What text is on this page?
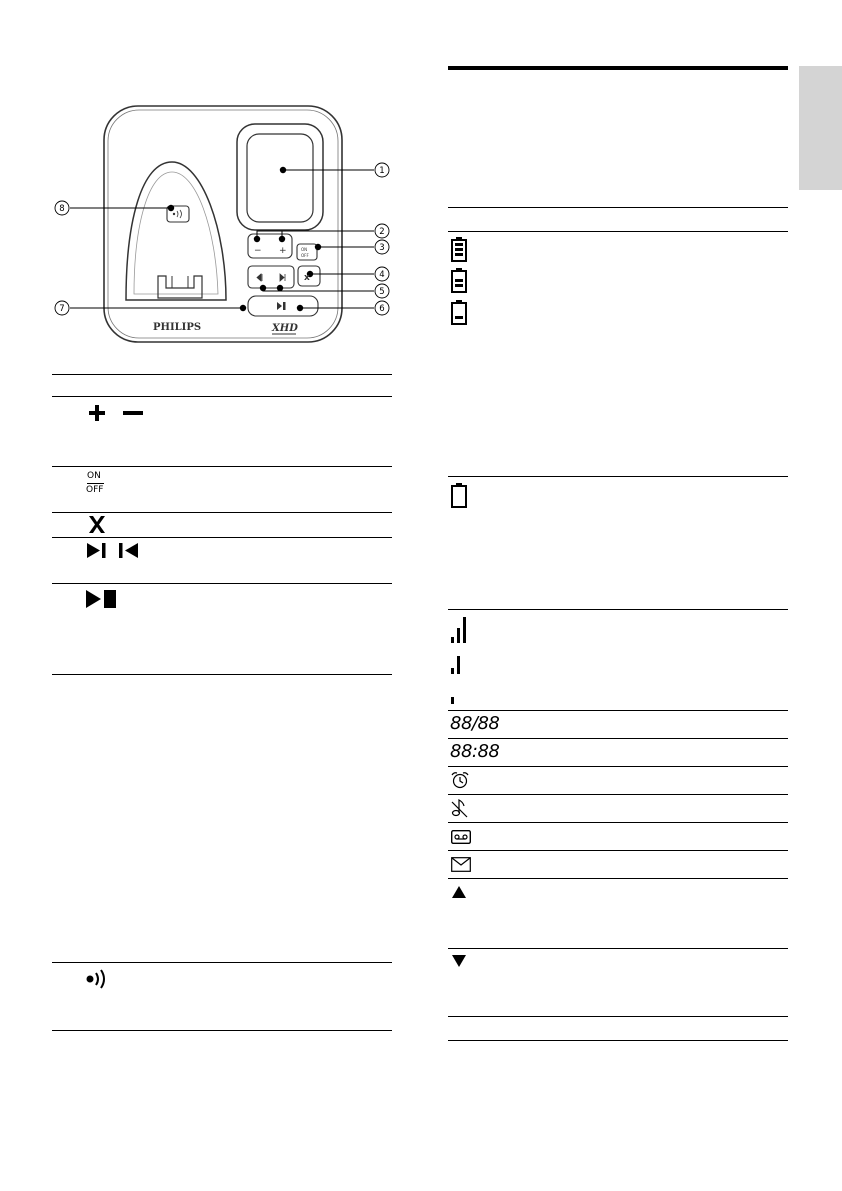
PHILIPS	XHD
− +	ON
OFF
x
1
2
3
4
5
6
7
8
ON
OFF
88/88
88:88
